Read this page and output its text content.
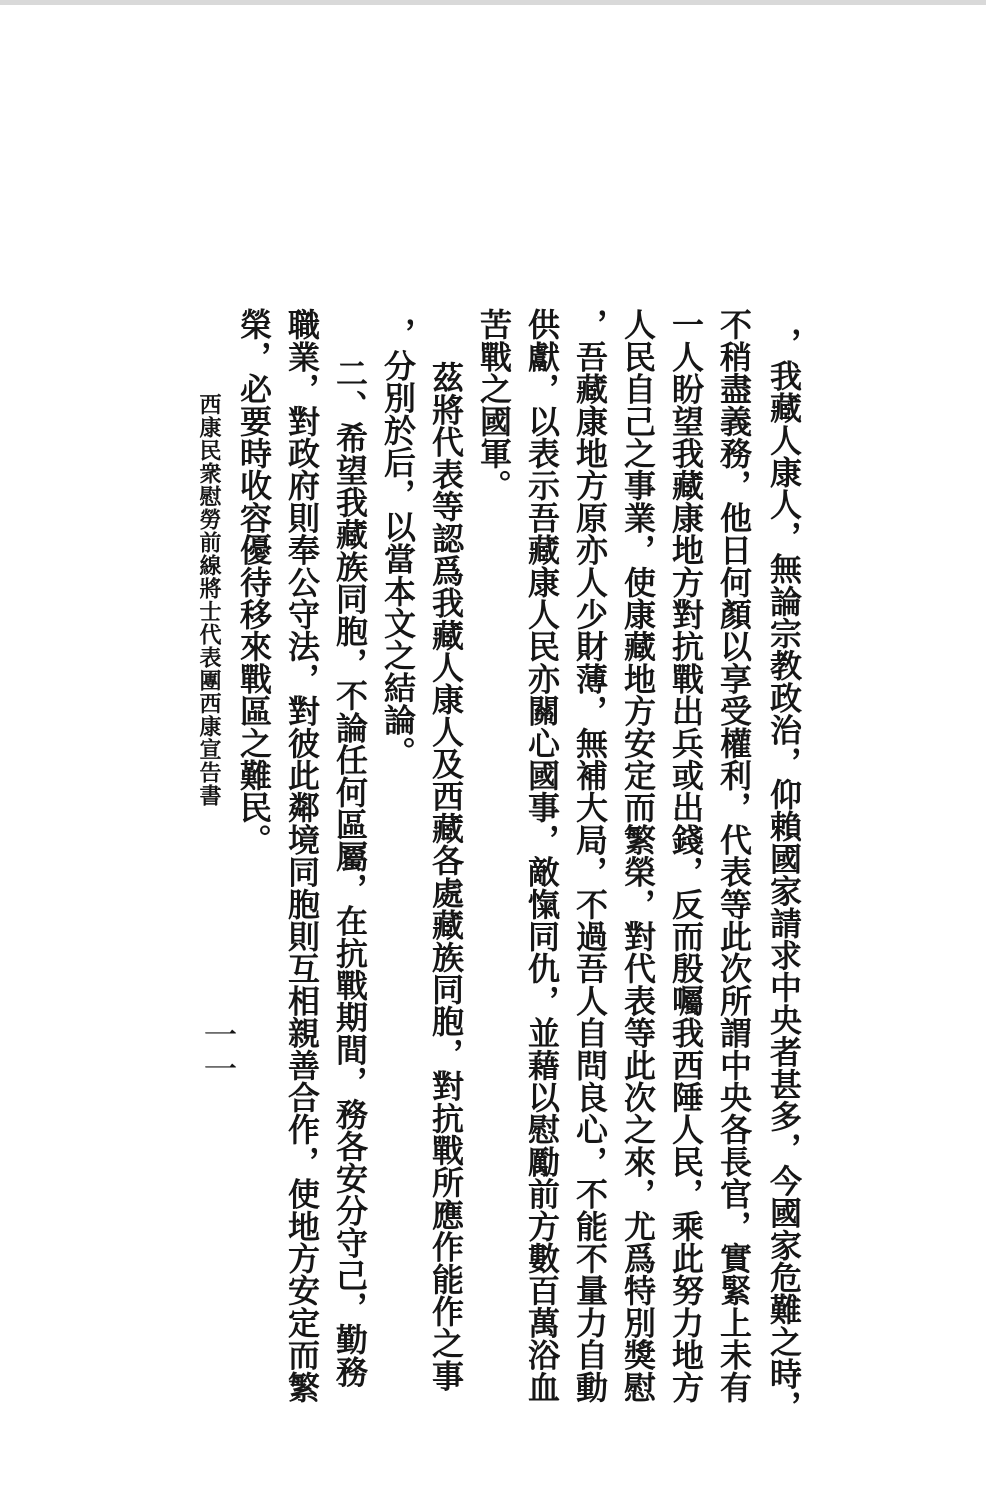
，我藏人康人，無論宗教政治，仰賴國家請求中央者甚多，今國家危難之時，
不稍盡義務，他日何顏以享受權利，代表等此次所謂中央各長官，實緊上未有
一人盼望我藏康地方對抗戰出兵或出錢，反而殷囑我西陲人民，乘此努力地方
人民自己之事業，使康藏地方安定而繁榮，對代表等此次之來，尤爲特別獎慰
，吾藏康地方原亦人少財薄，無補大局，不過吾人自問良心，不能不量力自動
供獻，以表示吾藏康人民亦關心國事，敵愾同仇，並藉以慰勵前方數百萬浴血
苦戰之國軍。
茲將代表等認爲我藏人康人及西藏各處藏族同胞，對抗戰所應作能作之事
，分別於后，以當本文之結論。
二、希望我藏族同胞，不論任何區屬，在抗戰期間，務各安分守己，勤務
職業，對政府則奉公守法，對彼此鄰境同胞則互相親善合作，使地方安定而繁
榮，必要時收容優待移來戰區之難民。
西康民衆慰勞前線將士代表團西康宣告書
一一
